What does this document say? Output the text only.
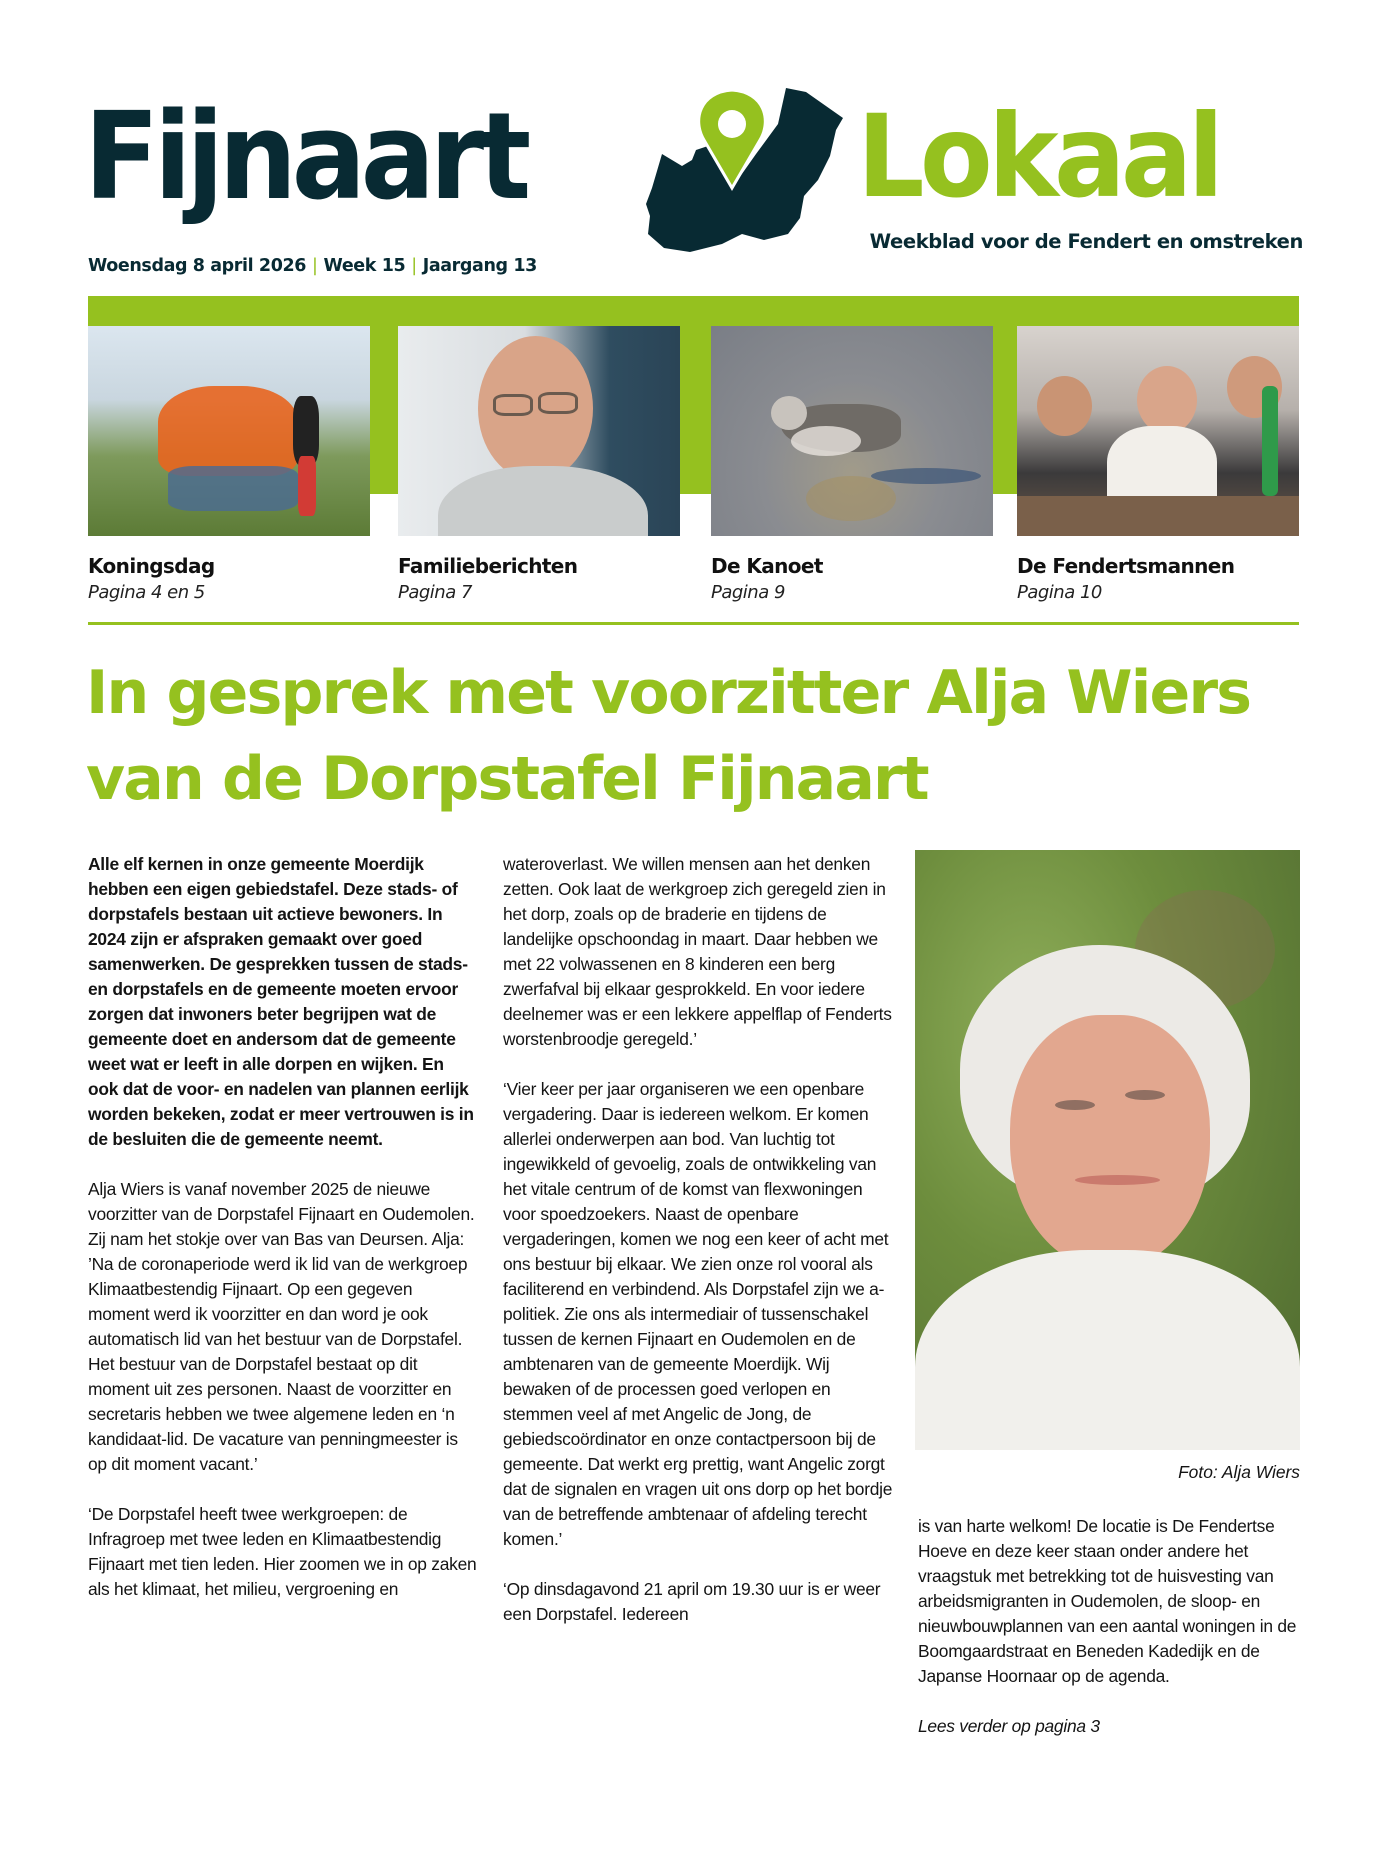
Fijnaart	Lokaal
Weekblad voor de Fendert en omstreken
Woensdag 8 april 2026 | Week 15 | Jaargang 13
Koningsdag
Pagina 4 en 5
Familieberichten
Pagina 7
De Kanoet
Pagina 9
De Fendertsmannen
Pagina 10
In gesprek met voorzitter Alja Wiers van de Dorpstafel Fijnaart

Alle elf kernen in onze gemeente Moerdijk hebben een eigen gebiedstafel. Deze stads- of dorpstafels bestaan uit actieve bewoners. In 2024 zijn er afspraken gemaakt over goed samenwerken. De gesprekken tussen de stads- en dorpstafels en de gemeente moeten ervoor zorgen dat inwoners beter begrijpen wat de gemeente doet en andersom dat de gemeente weet wat er leeft in alle dorpen en wijken. En ook dat de voor- en nadelen van plannen eerlijk worden bekeken, zodat er meer vertrouwen is in de besluiten die de gemeente neemt.

Alja Wiers is vanaf november 2025 de nieuwe voorzitter van de Dorpstafel Fijnaart en Oudemolen. Zij nam het stokje over van Bas van Deursen. Alja: ’Na de coronaperiode werd ik lid van de werkgroep Klimaatbestendig Fijnaart. Op een gegeven moment werd ik voorzitter en dan word je ook automatisch lid van het bestuur van de Dorpstafel. Het bestuur van de Dorpstafel bestaat op dit moment uit zes personen. Naast de voorzitter en secretaris hebben we twee algemene leden en ‘n kandidaat-lid. De vacature van penningmeester is op dit moment vacant.’

‘De Dorpstafel heeft twee werkgroepen: de Infragroep met twee leden en Klimaatbestendig Fijnaart met tien leden. Hier zoomen we in op zaken als het klimaat, het milieu, vergroening en

wateroverlast. We willen mensen aan het denken zetten. Ook laat de werkgroep zich geregeld zien in het dorp, zoals op de braderie en tijdens de landelijke opschoondag in maart. Daar hebben we met 22 volwassenen en 8 kinderen een berg zwerfafval bij elkaar gesprokkeld. En voor iedere deelnemer was er een lekkere appelflap of Fenderts worstenbroodje geregeld.’

‘Vier keer per jaar organiseren we een openbare vergadering. Daar is iedereen welkom. Er komen allerlei onderwerpen aan bod. Van luchtig tot ingewikkeld of gevoelig, zoals de ontwikkeling van het vitale centrum of de komst van flexwoningen voor spoedzoekers. Naast de openbare vergaderingen, komen we nog een keer of acht met ons bestuur bij elkaar. We zien onze rol vooral als faciliterend en verbindend. Als Dorpstafel zijn we a-politiek. Zie ons als intermediair of tussenschakel tussen de kernen Fijnaart en Oudemolen en de ambtenaren van de gemeente Moerdijk. Wij bewaken of de processen goed verlopen en stemmen veel af met Angelic de Jong, de gebiedscoördinator en onze contactpersoon bij de gemeente. Dat werkt erg prettig, want Angelic zorgt dat de signalen en vragen uit ons dorp op het bordje van de betreffende ambtenaar of afdeling terecht komen.’

‘Op dinsdagavond 21 april om 19.30 uur is er weer een Dorpstafel. Iedereen

Foto: Alja Wiers

is van harte welkom! De locatie is De Fendertse Hoeve en deze keer staan onder andere het vraagstuk met betrekking tot de huisvesting van arbeidsmigranten in Oudemolen, de sloop- en nieuwbouwplannen van een aantal woningen in de Boomgaardstraat en Beneden Kadedijk en de Japanse Hoornaar op de agenda.

Lees verder op pagina 3
